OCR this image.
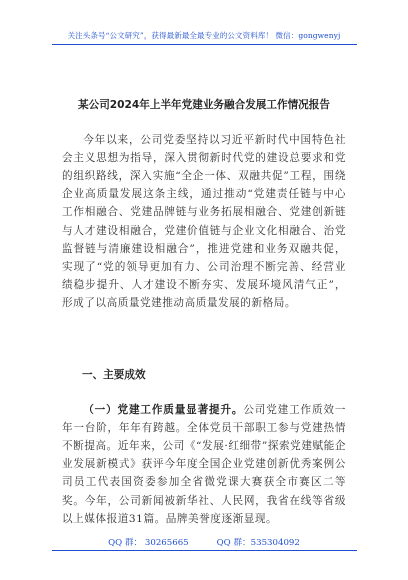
关注头条号“公文研究”，获得最新最全最专业的公文资料库！ 微信：gongwenyj
某公司2024年上半年党建业务融合发展工作情况报告

今年以来，公司党委坚持以习近平新时代中国特色社会主义思想为指导，深入贯彻新时代党的建设总要求和党的组织路线，深入实施“全企一体、双融共促”工程，围绕企业高质量发展这条主线，通过推动“党建责任链与中心工作相融合、党建品牌链与业务拓展相融合、党建创新链与人才建设相融合，党建价值链与企业文化相融合、治党监督链与清廉建设相融合”，推进党建和业务双融共促，实现了“党的领导更加有力、公司治理不断完善、经营业绩稳步提升、人才建设不断夯实、发展环境风清气正”，形成了以高质量党建推动高质量发展的新格局。

一、主要成效

（一）党建工作质量显著提升。公司党建工作质效一年一台阶，年年有跨越。全体党员干部职工参与党建热情不断提高。近年来，公司《“发展·红细带”探索党建赋能企业发展新模式》获评今年度全国企业党建创新优秀案例公司员工代表国资委参加全省微党课大赛获全市赛区二等奖。今年，公司新闻被新华社、人民网，我省在线等省级以上媒体报道31篇。品牌美誉度逐渐显现。

QQ 群： 30265665	QQ 群：535304092
